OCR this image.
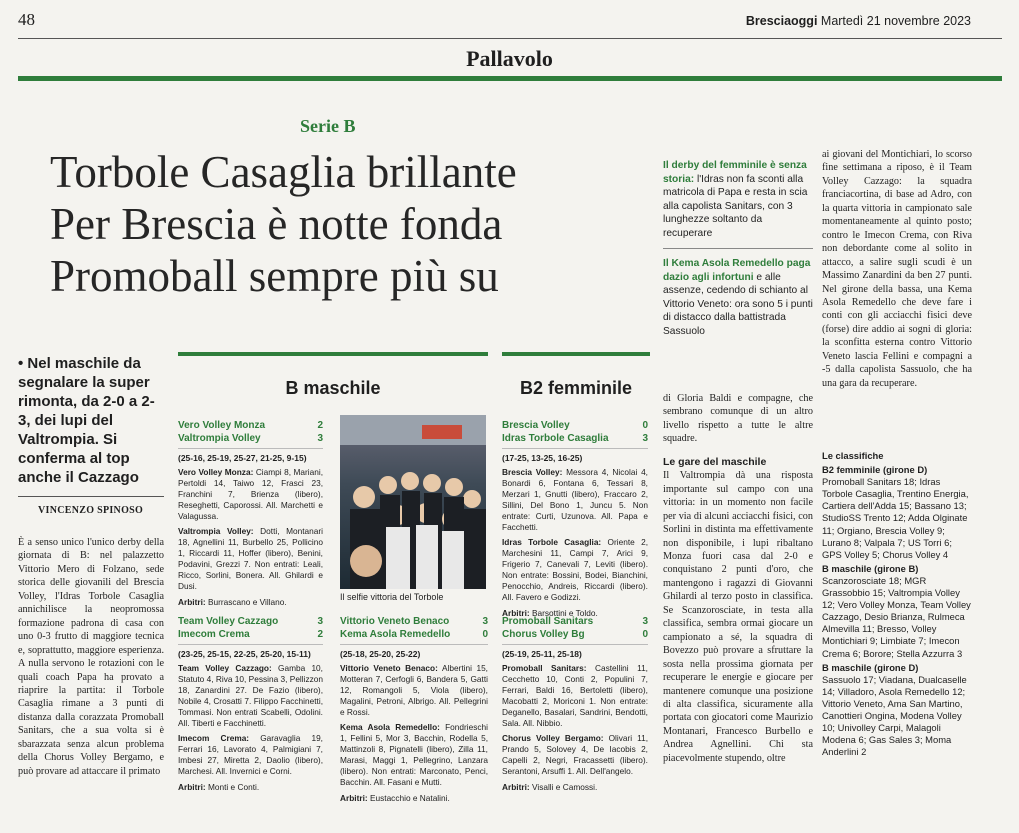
48	Bresciaoggi Martedì 21 novembre 2023
Pallavolo
Serie B
Torbole Casaglia brillante
Per Brescia è notte fonda
Promoball sempre più su
• Nel maschile da segnalare la super rimonta, da 2-0 a 2-3, dei lupi del Valtrompia. Si conferma al top anche il Cazzago
VINCENZO SPINOSO
È a senso unico l'unico derby della giornata di B: nel palazzetto Vittorio Mero di Folzano, sede storica delle giovanili del Brescia Volley, l'Idras Torbole Casaglia annichilisce la neopromossa formazione padrona di casa con uno 0-3 frutto di maggiore tecnica e, soprattutto, maggiore esperienza. A nulla servono le rotazioni con le quali coach Papa ha provato a riaprire la partita: il Torbole Casaglia rimane a 3 punti di distanza dalla corazzata Promoball Sanitars, che a sua volta si è sbarazzata senza alcun problema della Chorus Volley Bergamo, e può provare ad attaccare il primato
B maschile
Vero Volley Monza	2
Valtrompia Volley	3
(25-16, 25-19, 25-27, 21-25, 9-15)
Vero Volley Monza: Ciampi 8, Mariani, Pertoldi 14, Taiwo 12, Frasci 23, Franchini 7, Brienza (libero), Reseghetti, Caporossi. All. Marchetti e Valagussa.
Valtrompia Volley: Dotti, Montanari 18, Agnellini 11, Burbello 25, Pollicino 1, Riccardi 11, Hoffer (libero), Benini, Podavini, Grezzi 7. Non entrati: Leali, Ricco, Sorlini, Bonera. All. Ghilardi e Dusi.
Arbitri: Burrascano e Villano.	Il selfie vittoria del Torbole
Team Volley Cazzago	3
Imecom Crema	2
(23-25, 25-15, 22-25, 25-20, 15-11)
Team Volley Cazzago: Gamba 10, Statuto 4, Riva 10, Pessina 3, Pellizzon 18, Zanardini 27. De Fazio (libero), Nobile 4, Crosatti 7. Filippo Facchinetti, Tommasi. Non entrati Scabelli, Odolini. All. Tiberti e Facchinetti.
Imecom Crema: Garavaglia 19, Ferrari 16, Lavorato 4, Palmigiani 7, Imbesi 27, Miretta 2, Daolio (libero), Marchesi. All. Invernici e Corni.
Arbitri: Monti e Conti.
Vittorio Veneto Benaco	3
Kema Asola Remedello	0
(25-18, 25-20, 25-22)
Vittorio Veneto Benaco: Albertini 15, Motteran 7, Cerfogli 6, Bandera 5, Gatti 12, Romangoli 5, Viola (libero), Magalini, Petroni, Albrigo. All. Pellegrini e Rossi.
Kema Asola Remedello: Fondrieschi 1, Fellini 5, Mor 3, Bacchin, Rodella 5, Mattinzoli 8, Pignatelli (libero), Zilla 11, Marasi, Maggi 1, Pellegrino, Lanzara (libero). Non entrati: Marconato, Penci, Bacchin. All. Fasani e Mutti.
Arbitri: Eustacchio e Natalini.
B2 femminile
Brescia Volley	0
Idras Torbole Casaglia	3
(17-25, 13-25, 16-25)
Brescia Volley: Messora 4, Nicolai 4, Bonardi 6, Fontana 6, Tessari 8, Merzari 1, Gnutti (libero), Fraccaro 2, Sillini, Del Bono 1, Juncu 5. Non entrate: Curti, Uzunova. All. Papa e Facchetti.
Idras Torbole Casaglia: Oriente 2, Marchesini 11, Campi 7, Arici 9, Frigerio 7, Canevali 7, Leviti (libero). Non entrate: Bossini, Bodei, Bianchini, Penocchio, Andreis, Riccardi (libero). All. Favero e Godizzi.
Arbitri: Barsottini e Toldo.
Promoball Sanitars	3
Chorus Volley Bg	0
(25-19, 25-11, 25-18)
Promoball Sanitars: Castellini 11, Cecchetto 10, Conti 2, Populini 7, Ferrari, Baldi 16, Bertoletti (libero), Macobatti 2, Moriconi 1. Non entrate: Deganello, Basalari, Sandrini, Bendotti, Sala. All. Nibbio.
Chorus Volley Bergamo: Olivari 11, Prando 5, Solovey 4, De Iacobis 2, Capelli 2, Negri, Fracassetti (libero). Serantoni, Arsuffi 1. All. Dell'angelo.
Arbitri: Visalli e Camossi.
Il derby del femminile è senza storia: l'Idras non fa sconti alla matricola di Papa e resta in scia alla capolista Sanitars, con 3 lunghezze soltanto da recuperare
Il Kema Asola Remedello paga dazio agli infortuni e alle assenze, cedendo di schianto al Vittorio Veneto: ora sono 5 i punti di distacco dalla battistrada Sassuolo
di Gloria Baldi e compagne, che sembrano comunque di un altro livello rispetto a tutte le altre squadre.
Le gare del maschile
Il Valtrompia dà una risposta importante sul campo con una vittoria: in un momento non facile per via di alcuni acciacchi fisici, con Sorlini in distinta ma effettivamente non disponibile, i lupi ribaltano Monza fuori casa dal 2-0 e conquistano 2 punti d'oro, che mantengono i ragazzi di Giovanni Ghilardi al terzo posto in classifica. Se Scanzorosciate, in testa alla classifica, sembra ormai giocare un campionato a sé, la squadra di Bovezzo può provare a sfruttare la sosta nella prossima giornata per recuperare le energie e giocare per mantenere comunque una posizione di alta classifica, sicuramente alla portata con giocatori come Maurizio Montanari, Francesco Burbello e Andrea Agnellini. Chi sta piacevolmente stupendo, oltre
ai giovani del Montichiari, lo scorso fine settimana a riposo, è il Team Volley Cazzago: la squadra franciacortina, di base ad Adro, con la quarta vittoria in campionato sale momentaneamente al quinto posto; contro le Imecon Crema, con Riva non debordante come al solito in attacco, a salire sugli scudi è un Massimo Zanardini da ben 27 punti. Nel girone della bassa, una Kema Asola Remedello che deve fare i conti con gli acciacchi fisici deve (forse) dire addio ai sogni di gloria: la sconfitta esterna contro Vittorio Veneto lascia Fellini e compagni a -5 dalla capolista Sassuolo, che ha una gara da recuperare.
Le classifiche
B2 femminile (girone D)
Promoball Sanitars 18; Idras Torbole Casaglia, Trentino Energia, Cartiera dell'Adda 15; Bassano 13; StudioSS Trento 12; Adda Olginate 11; Orgiano, Brescia Volley 9; Lurano 8; Valpala 7; US Torri 6; GPS Volley 5; Chorus Volley 4
B maschile (girone B)
Scanzorosciate 18; MGR Grassobbio 15; Valtrompia Volley 12; Vero Volley Monza, Team Volley Cazzago, Desio Brianza, Rulmeca Almevilla 11; Bresso, Volley Montichiari 9; Limbiate 7; Imecon Crema 6; Borore; Stella Azzurra 3
B maschile (girone D)
Sassuolo 17; Viadana, Dualcaselle 14; Villadoro, Asola Remedello 12; Vittorio Veneto, Ama San Martino, Canottieri Ongina, Modena Volley 10; Univolley Carpi, Malagoli Modena 6; Gas Sales 3; Moma Anderlini 2
